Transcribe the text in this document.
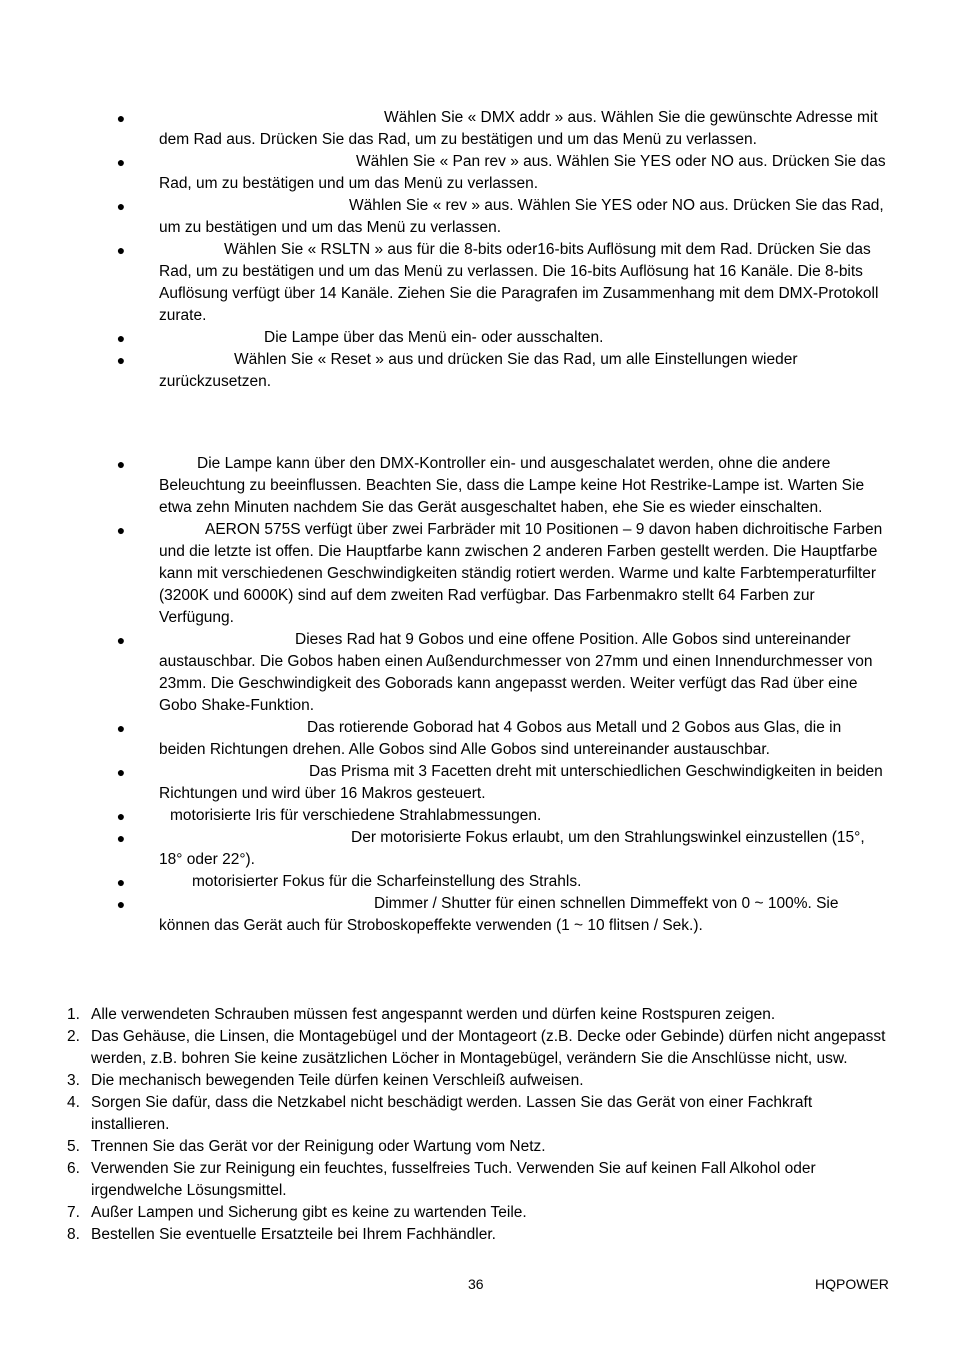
●	Wählen Sie « DMX addr » aus. Wählen Sie die gewünschte Adresse mit dem Rad aus. Drücken Sie das Rad, um zu bestätigen und um das Menü zu verlassen.
●	Wählen Sie « Pan rev » aus. Wählen Sie YES oder NO aus. Drücken Sie das Rad, um zu bestätigen und um das Menü zu verlassen.
●	Wählen Sie « rev » aus. Wählen Sie YES oder NO aus. Drücken Sie das Rad, um zu bestätigen und um das Menü zu verlassen.
●	Wählen Sie « RSLTN » aus für die 8-bits oder16-bits Auflösung mit dem Rad. Drücken Sie das Rad, um zu bestätigen und um das Menü zu verlassen. Die 16-bits Auflösung hat 16 Kanäle. Die 8-bits Auflösung verfügt über 14 Kanäle. Ziehen Sie die Paragrafen im Zusammenhang mit dem DMX-Protokoll zurate.
●	Die Lampe über das Menü ein- oder ausschalten.
●	Wählen Sie « Reset » aus und drücken Sie das Rad, um alle Einstellungen wieder zurückzusetzen.
●	Die Lampe kann über den DMX-Kontroller ein- und ausgeschalatet werden, ohne die andere Beleuchtung zu beeinflussen. Beachten Sie, dass die Lampe keine Hot Restrike-Lampe ist. Warten Sie etwa zehn Minuten nachdem Sie das Gerät ausgeschaltet haben, ehe Sie es wieder einschalten.
●	AERON 575S verfügt über zwei Farbräder mit 10 Positionen – 9 davon haben dichroitische Farben und die letzte ist offen. Die Hauptfarbe kann zwischen 2 anderen Farben gestellt werden. Die Hauptfarbe kann mit verschiedenen Geschwindigkeiten ständig rotiert werden. Warme und kalte Farbtemperaturfilter (3200K und 6000K) sind auf dem zweiten Rad verfügbar. Das Farbenmakro stellt 64 Farben zur Verfügung.
●	Dieses Rad hat 9 Gobos und eine offene Position. Alle Gobos sind untereinander austauschbar. Die Gobos haben einen Außendurchmesser von 27mm und einen Innendurchmesser von 23mm. Die Geschwindigkeit des Goborads kann angepasst werden. Weiter verfügt das Rad über eine Gobo Shake-Funktion.
●	Das rotierende Goborad hat 4 Gobos aus Metall und 2 Gobos aus Glas, die in beiden Richtungen drehen. Alle Gobos sind Alle Gobos sind untereinander austauschbar.
●	Das Prisma mit 3 Facetten dreht mit unterschiedlichen Geschwindigkeiten in beiden Richtungen und wird über 16 Makros gesteuert.
●	motorisierte Iris für verschiedene Strahlabmessungen.
●	Der motorisierte Fokus erlaubt, um den Strahlungswinkel einzustellen (15°, 18° oder 22°).
●	motorisierter Fokus für die Scharfeinstellung des Strahls.
●	Dimmer / Shutter für einen schnellen Dimmeffekt von 0 ~ 100%. Sie können das Gerät auch für Stroboskopeffekte verwenden (1 ~ 10 flitsen / Sek.).
1. Alle verwendeten Schrauben müssen fest angespannt werden und dürfen keine Rostspuren zeigen.
2. Das Gehäuse, die Linsen, die Montagebügel und der Montageort (z.B. Decke oder Gebinde) dürfen nicht angepasst werden, z.B. bohren Sie keine zusätzlichen Löcher in Montagebügel, verändern Sie die Anschlüsse nicht, usw.
3. Die mechanisch bewegenden Teile dürfen keinen Verschleiß aufweisen.
4. Sorgen Sie dafür, dass die Netzkabel nicht beschädigt werden. Lassen Sie das Gerät von einer Fachkraft installieren.
5. Trennen Sie das Gerät vor der Reinigung oder Wartung vom Netz.
6. Verwenden Sie zur Reinigung ein feuchtes, fusselfreies Tuch. Verwenden Sie auf keinen Fall Alkohol oder irgendwelche Lösungsmittel.
7. Außer Lampen und Sicherung gibt es keine zu wartenden Teile.
8. Bestellen Sie eventuelle Ersatzteile bei Ihrem Fachhändler.
36	HQPOWER
